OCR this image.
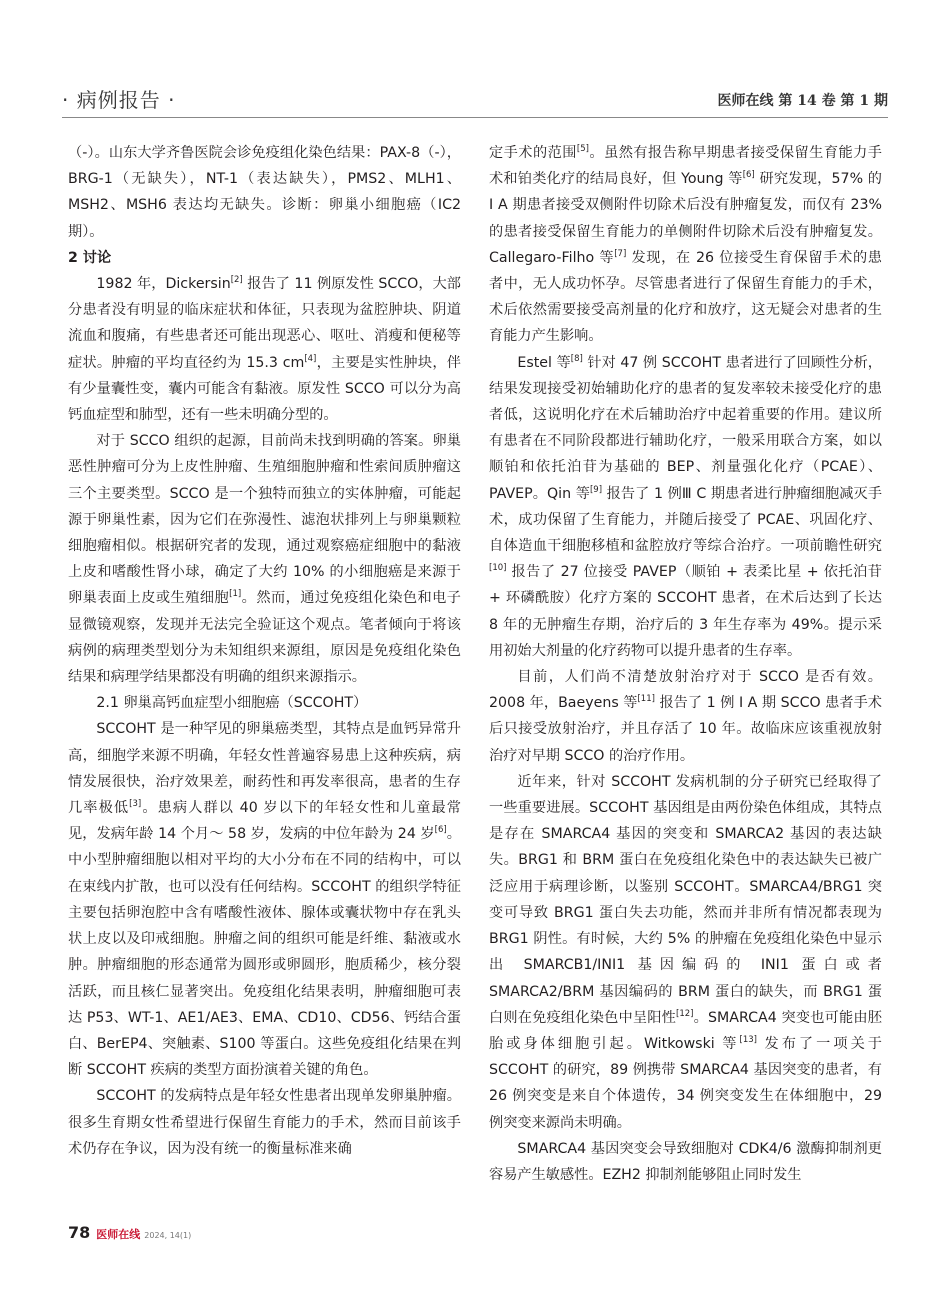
· 病例报告 ·	医师在线 第 14 卷 第 1 期

（-）。山东大学齐鲁医院会诊免疫组化染色结果：PAX-8（-），BRG-1（无缺失），NT-1（表达缺失），PMS2、MLH1、MSH2、MSH6 表达均无缺失。诊断：卵巢小细胞癌（IC2 期）。

2 讨论

1982 年，Dickersin[2] 报告了 11 例原发性 SCCO，大部分患者没有明显的临床症状和体征，只表现为盆腔肿块、阴道流血和腹痛，有些患者还可能出现恶心、呕吐、消瘦和便秘等症状。肿瘤的平均直径约为 15.3 cm[4]，主要是实性肿块，伴有少量囊性变，囊内可能含有黏液。原发性 SCCO 可以分为高钙血症型和肺型，还有一些未明确分型的。

对于 SCCO 组织的起源，目前尚未找到明确的答案。卵巢恶性肿瘤可分为上皮性肿瘤、生殖细胞肿瘤和性索间质肿瘤这三个主要类型。SCCO 是一个独特而独立的实体肿瘤，可能起源于卵巢性素，因为它们在弥漫性、滤泡状排列上与卵巢颗粒细胞瘤相似。根据研究者的发现，通过观察癌症细胞中的黏液上皮和嗜酸性肾小球，确定了大约 10% 的小细胞癌是来源于卵巢表面上皮或生殖细胞[1]。然而，通过免疫组化染色和电子显微镜观察，发现并无法完全验证这个观点。笔者倾向于将该病例的病理类型划分为未知组织来源组，原因是免疫组化染色结果和病理学结果都没有明确的组织来源指示。

2.1 卵巢高钙血症型小细胞癌（SCCOHT）

SCCOHT 是一种罕见的卵巢癌类型，其特点是血钙异常升高，细胞学来源不明确，年轻女性普遍容易患上这种疾病，病情发展很快，治疗效果差，耐药性和再发率很高，患者的生存几率极低[3]。患病人群以 40 岁以下的年轻女性和儿童最常见，发病年龄 14 个月～ 58 岁，发病的中位年龄为 24 岁[6]。中小型肿瘤细胞以相对平均的大小分布在不同的结构中，可以在束线内扩散，也可以没有任何结构。SCCOHT 的组织学特征主要包括卵泡腔中含有嗜酸性液体、腺体或囊状物中存在乳头状上皮以及印戒细胞。肿瘤之间的组织可能是纤维、黏液或水肿。肿瘤细胞的形态通常为圆形或卵圆形，胞质稀少，核分裂活跃，而且核仁显著突出。免疫组化结果表明，肿瘤细胞可表达 P53、WT-1、AE1/AE3、EMA、CD10、CD56、钙结合蛋白、BerEP4、突触素、S100 等蛋白。这些免疫组化结果在判断 SCCOHT 疾病的类型方面扮演着关键的角色。

SCCOHT 的发病特点是年轻女性患者出现单发卵巢肿瘤。很多生育期女性希望进行保留生育能力的手术，然而目前该手术仍存在争议，因为没有统一的衡量标准来确

定手术的范围[5]。虽然有报告称早期患者接受保留生育能力手术和铂类化疗的结局良好，但 Young 等[6] 研究发现，57% 的 I A 期患者接受双侧附件切除术后没有肿瘤复发，而仅有 23% 的患者接受保留生育能力的单侧附件切除术后没有肿瘤复发。Callegaro-Filho 等[7] 发现，在 26 位接受生育保留手术的患者中，无人成功怀孕。尽管患者进行了保留生育能力的手术，术后依然需要接受高剂量的化疗和放疗，这无疑会对患者的生育能力产生影响。

Estel 等[8] 针对 47 例 SCCOHT 患者进行了回顾性分析，结果发现接受初始辅助化疗的患者的复发率较未接受化疗的患者低，这说明化疗在术后辅助治疗中起着重要的作用。建议所有患者在不同阶段都进行辅助化疗，一般采用联合方案，如以顺铂和依托泊苷为基础的 BEP、剂量强化化疗（PCAE）、PAVEP。Qin 等[9] 报告了 1 例Ⅲ C 期患者进行肿瘤细胞减灭手术，成功保留了生育能力，并随后接受了 PCAE、巩固化疗、自体造血干细胞移植和盆腔放疗等综合治疗。一项前瞻性研究[10] 报告了 27 位接受 PAVEP（顺铂 + 表柔比星 + 依托泊苷 + 环磷酰胺）化疗方案的 SCCOHT 患者，在术后达到了长达 8 年的无肿瘤生存期，治疗后的 3 年生存率为 49%。提示采用初始大剂量的化疗药物可以提升患者的生存率。

目前，人们尚不清楚放射治疗对于 SCCO 是否有效。2008 年，Baeyens 等[11] 报告了 1 例 I A 期 SCCO 患者手术后只接受放射治疗，并且存活了 10 年。故临床应该重视放射治疗对早期 SCCO 的治疗作用。

近年来，针对 SCCOHT 发病机制的分子研究已经取得了一些重要进展。SCCOHT 基因组是由两份染色体组成，其特点是存在 SMARCA4 基因的突变和 SMARCA2 基因的表达缺失。BRG1 和 BRM 蛋白在免疫组化染色中的表达缺失已被广泛应用于病理诊断，以鉴别 SCCOHT。SMARCA4/BRG1 突变可导致 BRG1 蛋白失去功能，然而并非所有情况都表现为 BRG1 阴性。有时候，大约 5% 的肿瘤在免疫组化染色中显示出 SMARCB1/INI1 基因编码的 INI1 蛋白或者 SMARCA2/BRM 基因编码的 BRM 蛋白的缺失，而 BRG1 蛋白则在免疫组化染色中呈阳性[12]。SMARCA4 突变也可能由胚胎或身体细胞引起。Witkowski 等[13] 发布了一项关于 SCCOHT 的研究，89 例携带 SMARCA4 基因突变的患者，有 26 例突变是来自个体遗传，34 例突变发生在体细胞中，29 例突变来源尚未明确。

SMARCA4 基因突变会导致细胞对 CDK4/6 激酶抑制剂更容易产生敏感性。EZH2 抑制剂能够阻止同时发生

78 医师在线 2024, 14(1)
